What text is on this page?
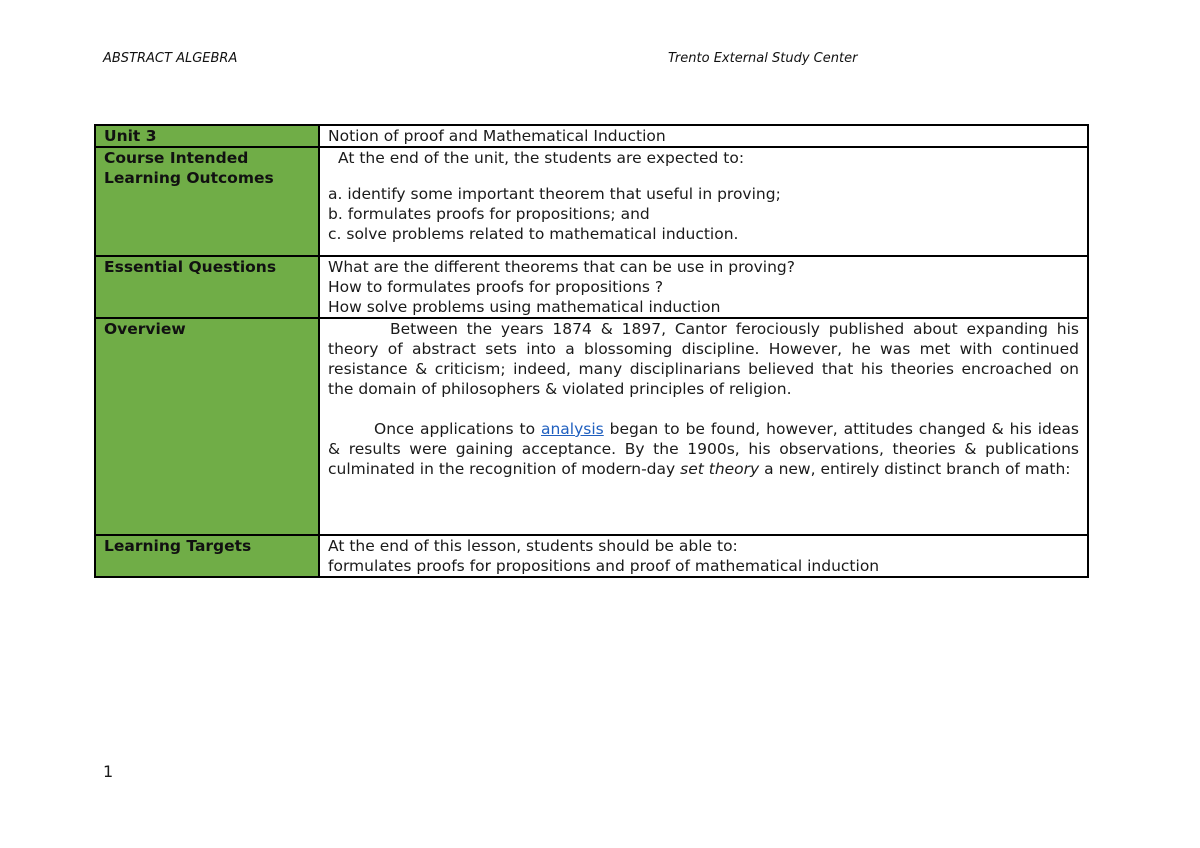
ABSTRACT ALGEBRA	Trento External Study Center
Unit 3	Notion of proof and Mathematical Induction
Course Intended Learning Outcomes	At the end of the unit, the students are expected to:
a. identify some important theorem that useful in proving;
b. formulates proofs for propositions; and
c. solve problems related to mathematical induction.

Essential Questions	What are the different theorems that can be use in proving?
How to formulates proofs for propositions ?
How solve problems using mathematical induction

Overview	Between the years 1874 & 1897, Cantor ferociously published about expanding his theory of abstract sets into a blossoming discipline. However, he was met with continued resistance & criticism; indeed, many disciplinarians believed that his theories encroached on the domain of philosophers & violated principles of religion.
Once applications to analysis began to be found, however, attitudes changed & his ideas & results were gaining acceptance. By the 1900s, his observations, theories & publications culminated in the recognition of modern-day set theory a new, entirely distinct branch of math:

Learning Targets	At the end of this lesson, students should be able to:
formulates proofs for propositions and proof of mathematical induction
1
